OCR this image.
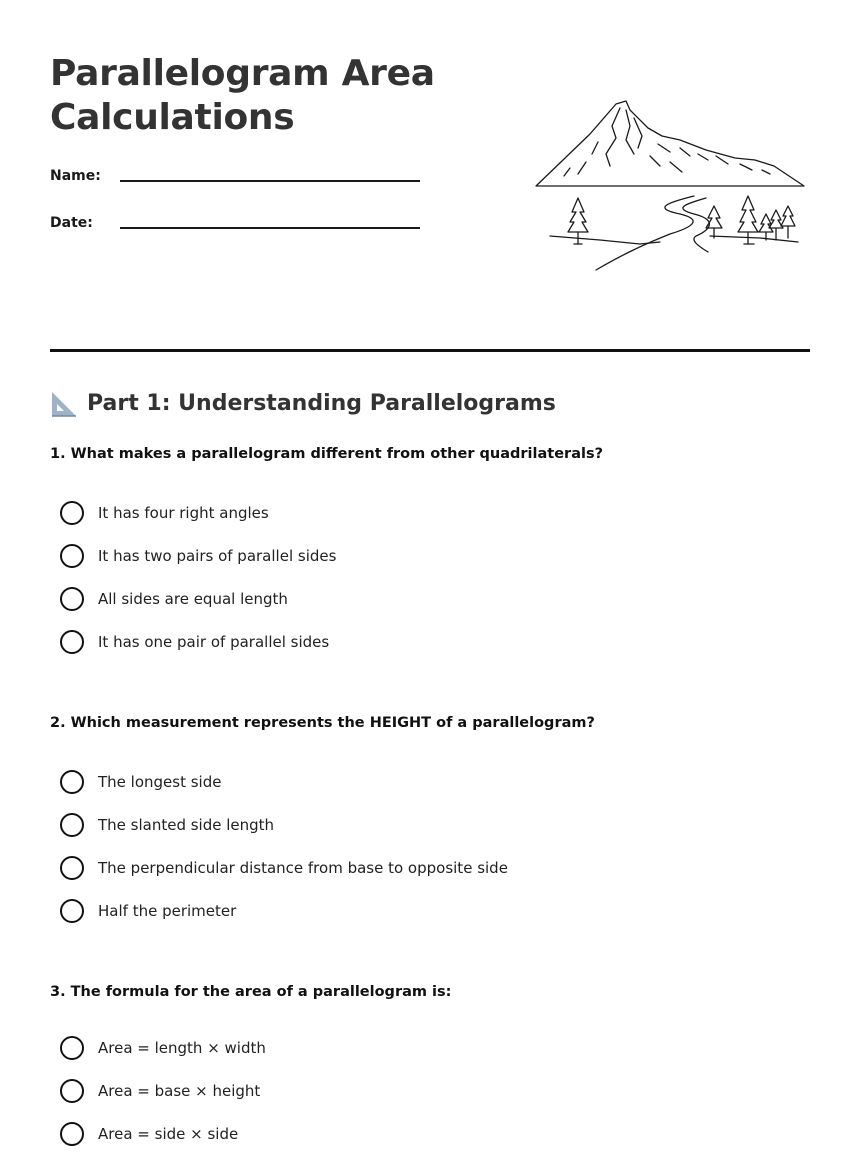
Parallelogram Area Calculations
Name:
Date:
Part 1: Understanding Parallelograms

1. What makes a parallelogram different from other quadrilaterals?

It has four right angles
It has two pairs of parallel sides
All sides are equal length
It has one pair of parallel sides

2. Which measurement represents the HEIGHT of a parallelogram?

The longest side
The slanted side length
The perpendicular distance from base to opposite side
Half the perimeter

3. The formula for the area of a parallelogram is:

Area = length × width
Area = base × height
Area = side × side
